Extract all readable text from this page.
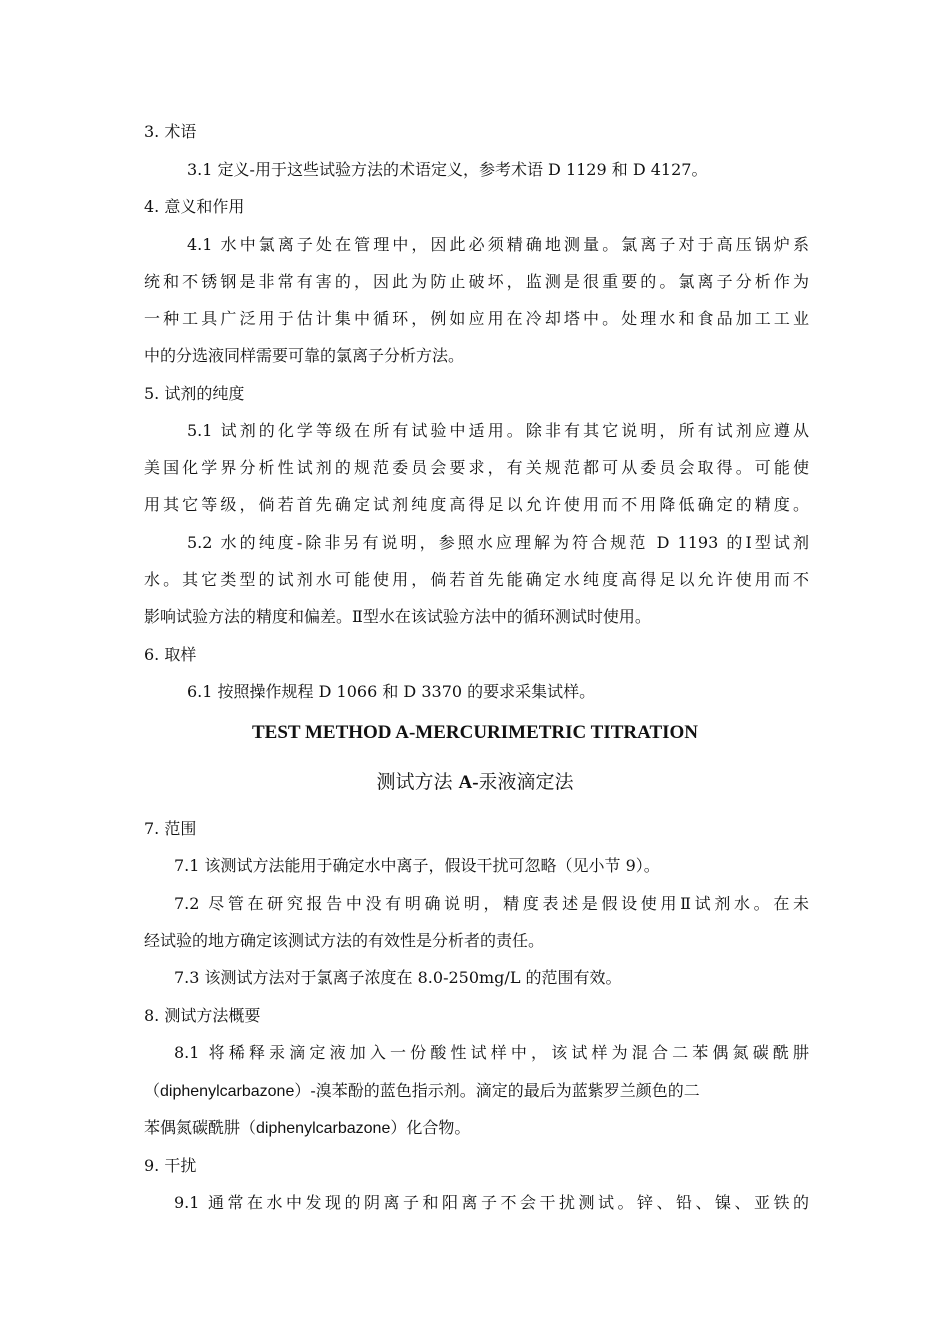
3. 术语
3.1 定义-用于这些试验方法的术语定义，参考术语 D 1129 和 D 4127。
4. 意义和作用
4.1 水中氯离子处在管理中，因此必须精确地测量。氯离子对于高压锅炉系
统和不锈钢是非常有害的，因此为防止破坏，监测是很重要的。氯离子分析作为
一种工具广泛用于估计集中循环，例如应用在冷却塔中。处理水和食品加工工业
中的分选液同样需要可靠的氯离子分析方法。
5. 试剂的纯度
5.1 试剂的化学等级在所有试验中适用。除非有其它说明，所有试剂应遵从
美国化学界分析性试剂的规范委员会要求，有关规范都可从委员会取得。可能使
用其它等级，倘若首先确定试剂纯度高得足以允许使用而不用降低确定的精度。
5.2 水的纯度-除非另有说明，参照水应理解为符合规范 D 1193 的Ⅰ型试剂
水。其它类型的试剂水可能使用，倘若首先能确定水纯度高得足以允许使用而不
影响试验方法的精度和偏差。Ⅱ型水在该试验方法中的循环测试时使用。
6. 取样
6.1 按照操作规程 D 1066 和 D 3370 的要求采集试样。
TEST METHOD A-MERCURIMETRIC TITRATION
测试方法 A-汞液滴定法
7. 范围
7.1 该测试方法能用于确定水中离子，假设干扰可忽略（见小节 9）。
7.2 尽管在研究报告中没有明确说明，精度表述是假设使用Ⅱ试剂水。在未
经试验的地方确定该测试方法的有效性是分析者的责任。
7.3 该测试方法对于氯离子浓度在 8.0-250mg/L 的范围有效。
8. 测试方法概要
8.1 将稀释汞滴定液加入一份酸性试样中，该试样为混合二苯偶氮碳酰肼
（diphenylcarbazone）-溴苯酚的蓝色指示剂。滴定的最后为蓝紫罗兰颜色的二
苯偶氮碳酰肼（diphenylcarbazone）化合物。
9. 干扰
9.1 通常在水中发现的阴离子和阳离子不会干扰测试。锌、铅、镍、亚铁的
